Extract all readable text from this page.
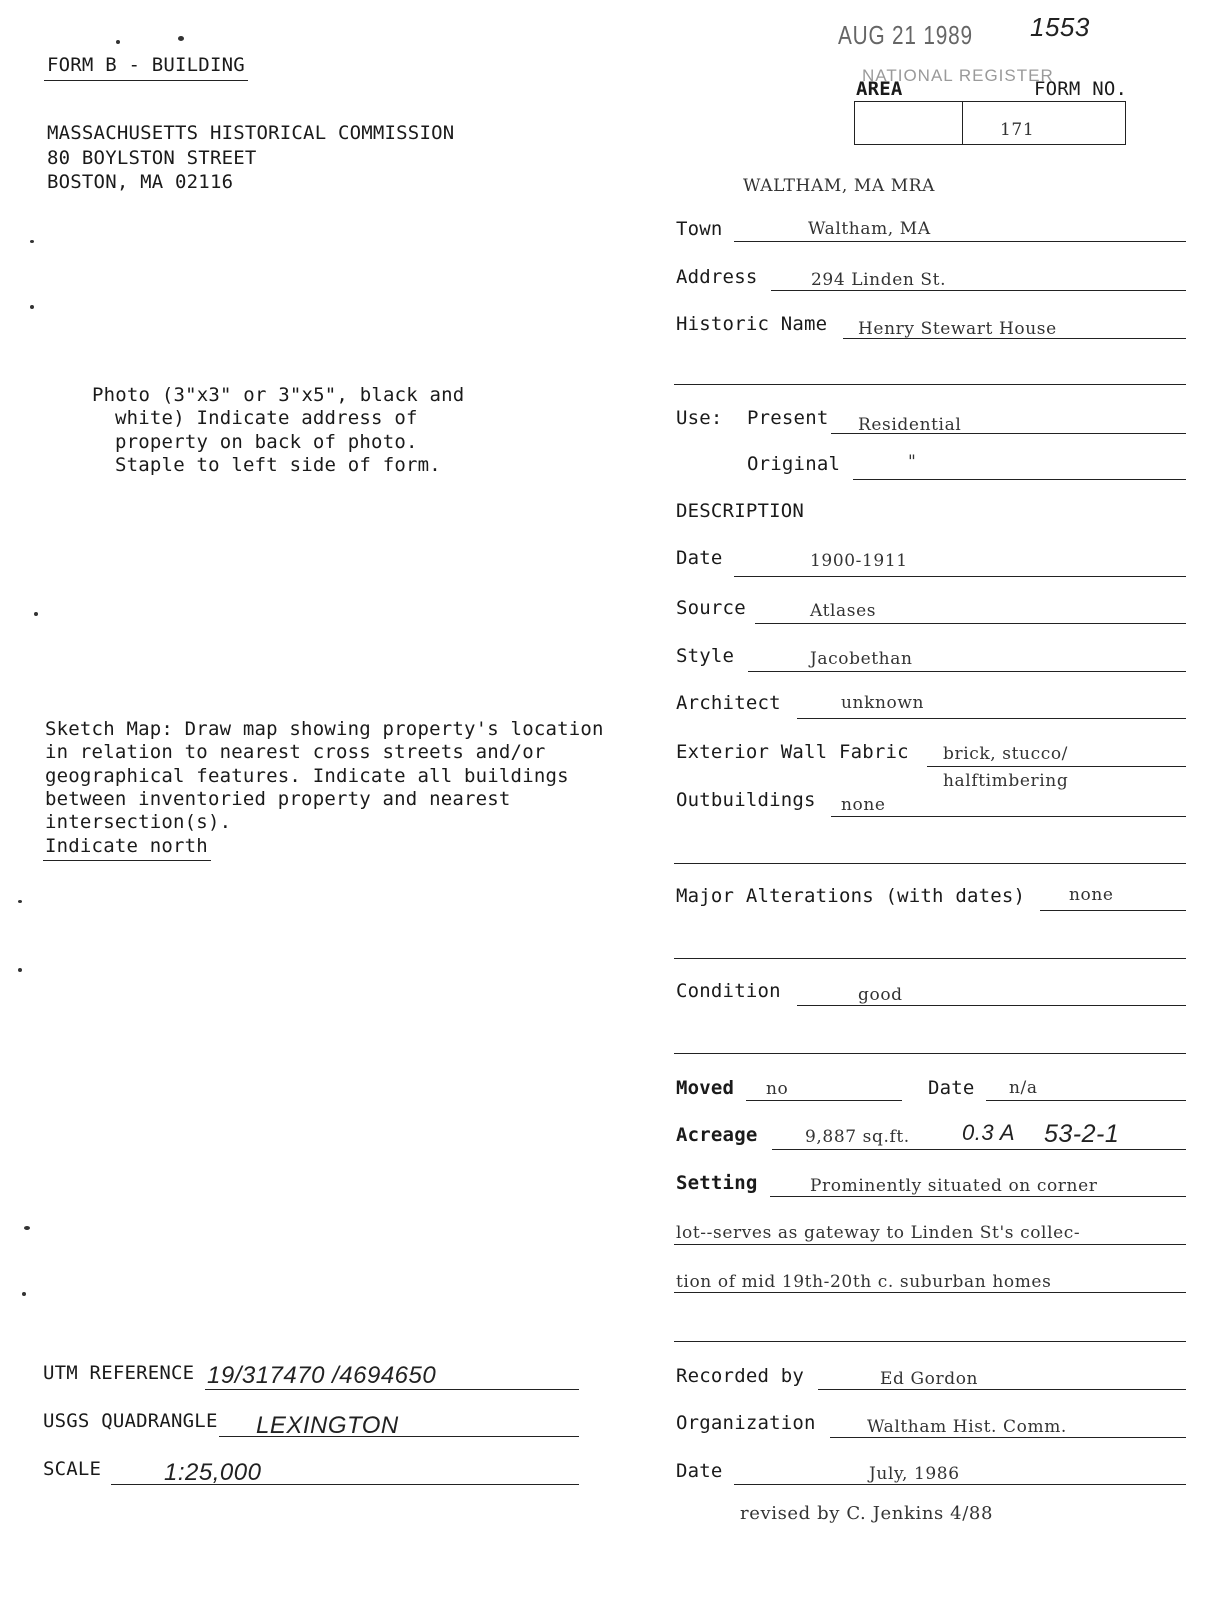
AUG 21 1989 1553
FORM B - BUILDING
MASSACHUSETTS HISTORICAL COMMISSION
80 BOYLSTON STREET
BOSTON, MA 02116
NATIONAL REGISTER
AREA	FORM NO.
171
WALTHAM, MA MRA
Photo (3"x3" or 3"x5", black and
white) Indicate address of
property on back of photo.
Staple to left side of form.
Sketch Map: Draw map showing property's location
in relation to nearest cross streets and/or
geographical features. Indicate all buildings
between inventoried property and nearest
intersection(s).
Indicate north
Town	Waltham, MA
Address	294 Linden St.
Historic Name Henry Stewart House
Use: Present Residential
Original	"
DESCRIPTION
Date	1900-1911
Source	Atlases
Style	Jacobethan
Architect	unknown
Exterior Wall Fabric brick, stucco/
halftimbering
Outbuildings none
Major Alterations (with dates)	none
Condition	good
Moved no	Date n/a
Acreage	9,887 sq.ft. 0.3 A 53-2-1
Setting	Prominently situated on corner
lot--serves as gateway to Linden St's collec-
tion of mid 19th-20th c. suburban homes
Recorded by	Ed Gordon
Organization	Waltham Hist. Comm.
Date	July, 1986
revised by C. Jenkins 4/88
UTM REFERENCE 19/317470 /4694650
USGS QUADRANGLE LEXINGTON
SCALE	1:25,000
